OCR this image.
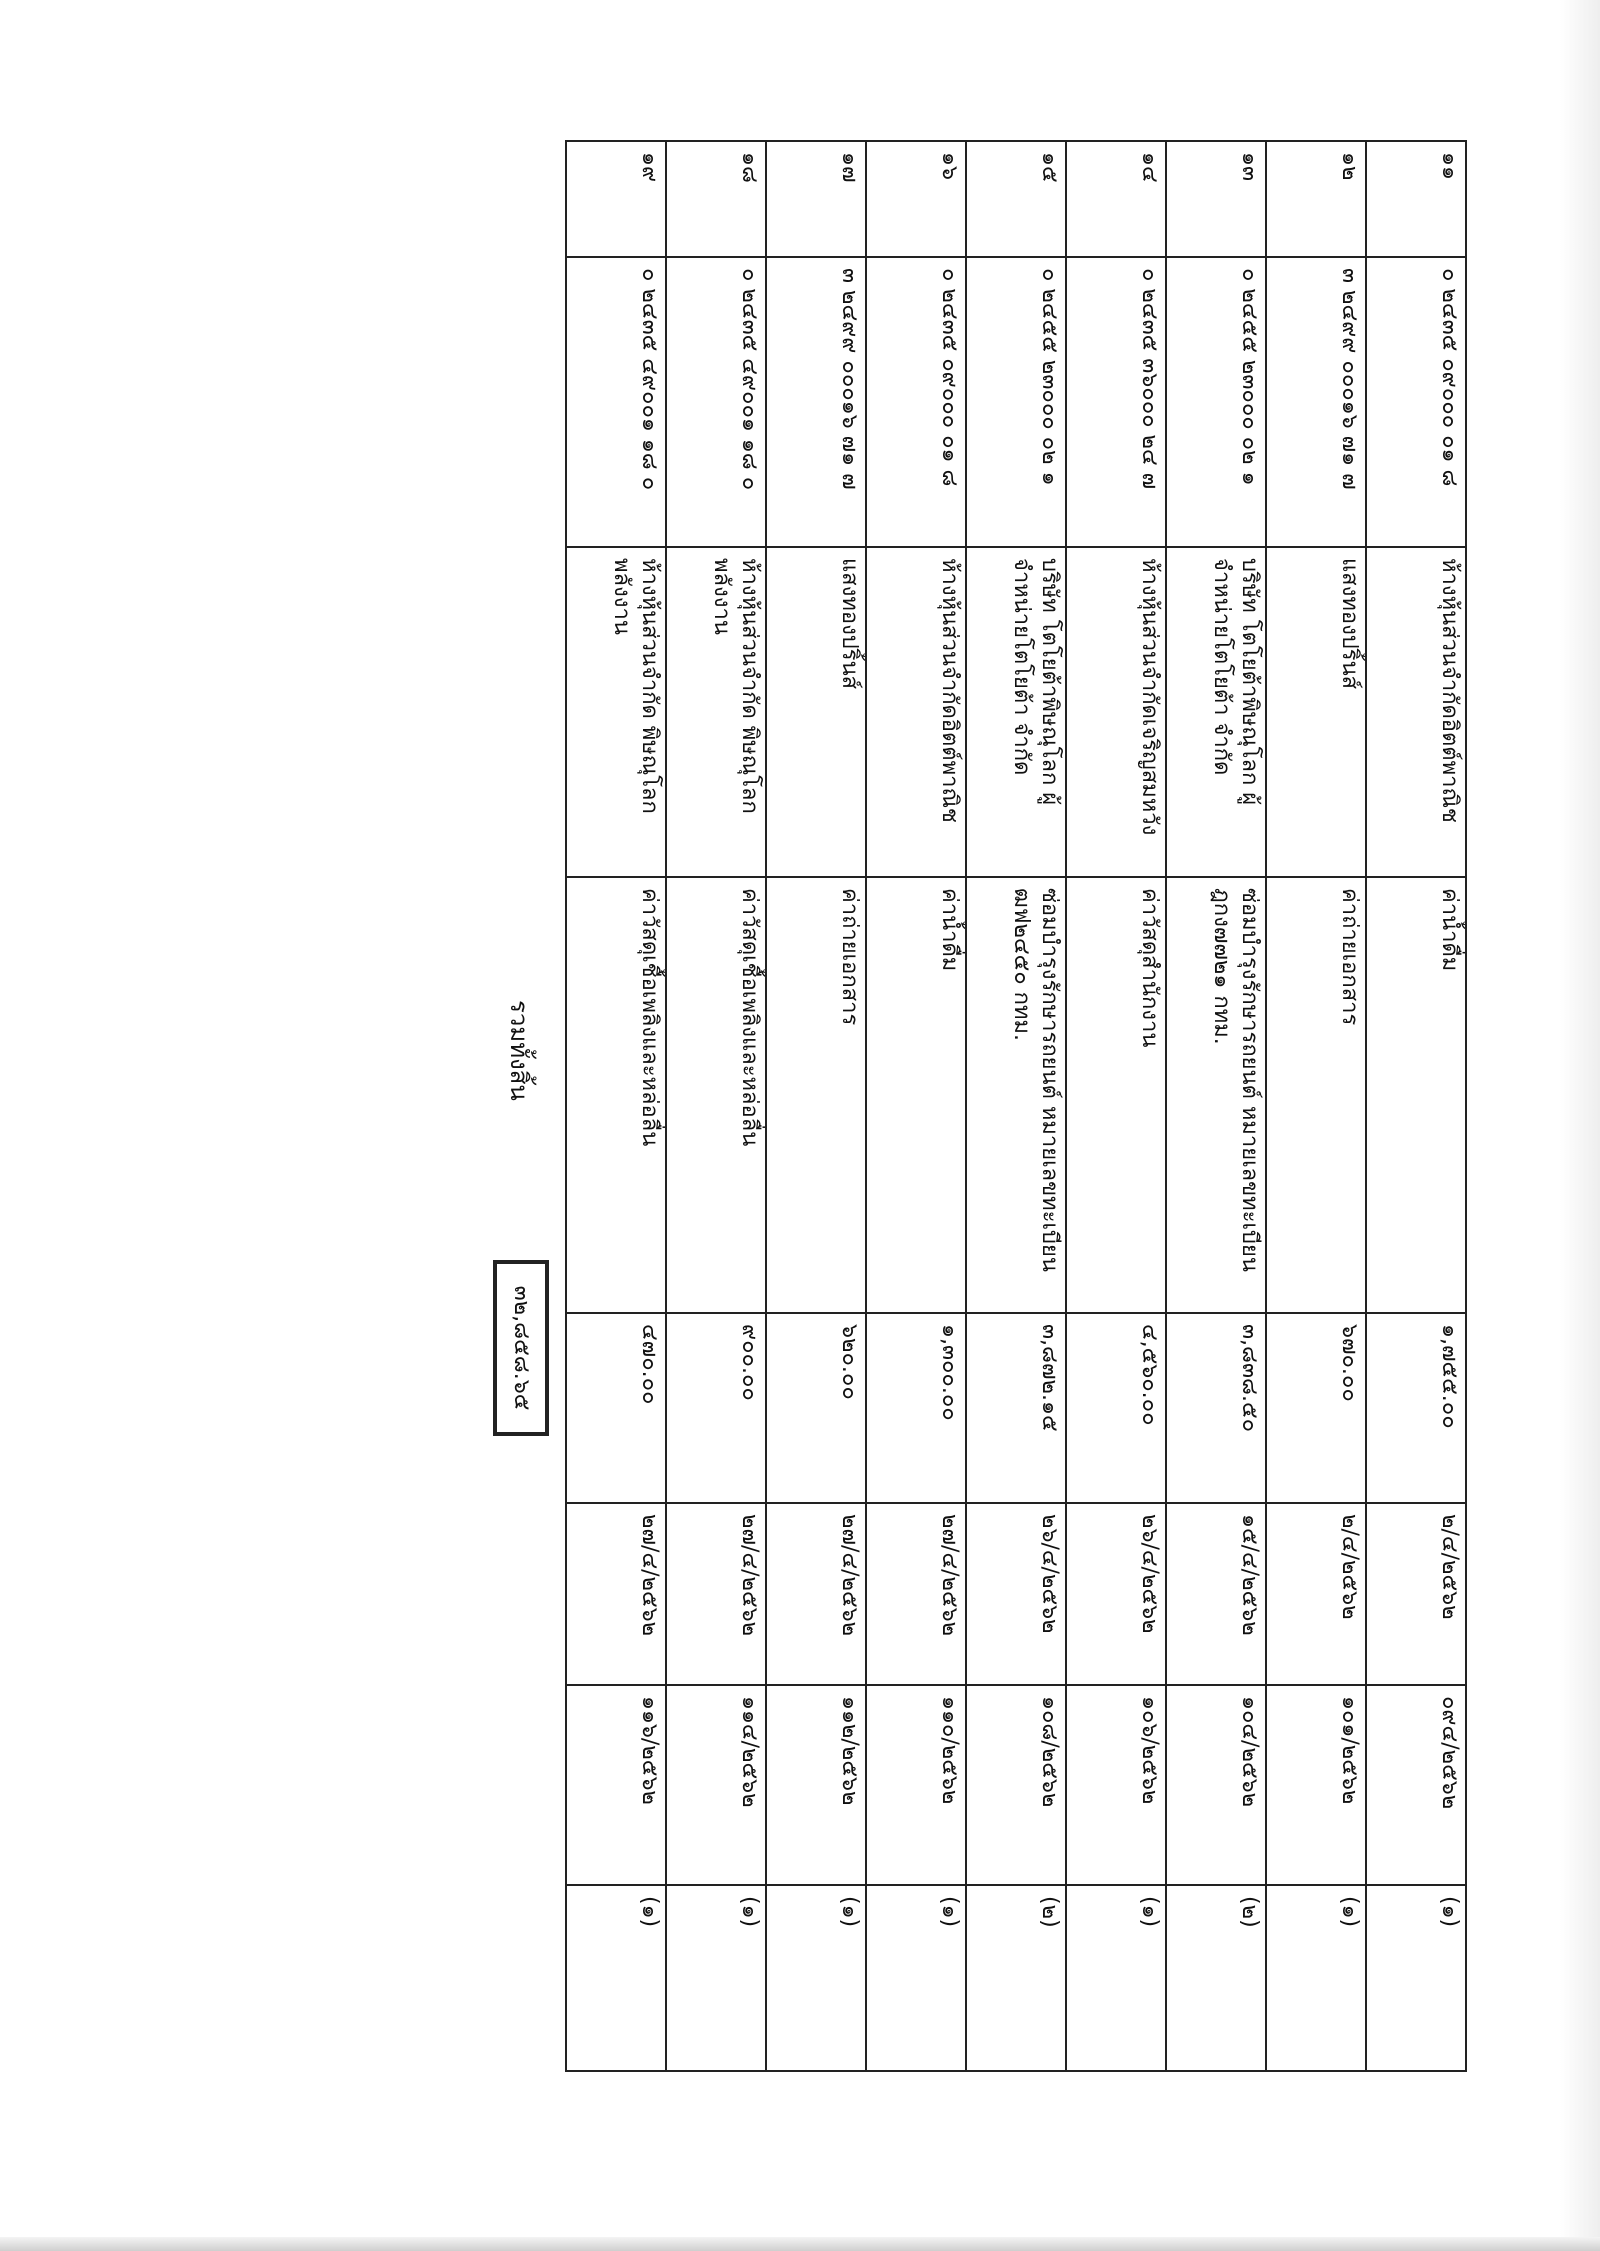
๑๑	๐ ๒๔๓๕ ๐๙๐๐๐ ๐๑ ๘	ห้างหุ้นส่วนจำกัดอิตต์พาณิช	ค่าน้ำดื่ม	๑,๗๕๕.๐๐	๒/๔/๒๕๖๒	๐๙๔/๒๕๖๒	(๑)
๑๒	๓ ๒๔๙๙ ๐๐๐๑๖ ๗๑ ๗	แสงทองปริ้นส์	ค่าถ่ายเอกสาร	๖๗๐.๐๐	๒/๔/๒๕๖๒	๑๐๑/๒๕๖๒	(๑)
๑๓	๐ ๒๔๕๕ ๒๓๐๐๐ ๐๒ ๑	บริษัท โตโยต้าพิษณุโลก ผู้จำหน่ายโตโยต้า จำกัด	ซ่อมบำรุงรักษารถยนต์ หมายเลขทะเบียน ฎกง๗๗๒๑ กทม.	๓,๘๓๘.๕๐	๑๕/๔/๒๕๖๒	๑๐๔/๒๕๖๒	(๒)
๑๔	๐ ๒๔๓๕ ๓๖๐๐๐ ๒๔ ๗	ห้างหุ้นส่วนจำกัดเจริญสมหวัง	ค่าวัสดุสำนักงาน	๔,๕๖๐.๐๐	๒๖/๔/๒๕๖๒	๑๐๖/๒๕๖๒	(๑)
๑๕	๐ ๒๔๕๕ ๒๓๐๐๐ ๐๒ ๑	บริษัท โตโยต้าพิษณุโลก ผู้จำหน่ายโตโยต้า จำกัด	ซ่อมบำรุงรักษารถยนต์ หมายเลขทะเบียน ฒฟ๒๔๕๐ กทม.	๓,๘๗๒.๑๕	๒๖/๔/๒๕๖๒	๑๐๘/๒๕๖๒	(๒)
๑๖	๐ ๒๔๓๕ ๐๙๐๐๐ ๐๑ ๘	ห้างหุ้นส่วนจำกัดอิตต์พาณิช	ค่าน้ำดื่ม	๑,๓๐๐.๐๐	๒๗/๔/๒๕๖๒	๑๑๐/๒๕๖๒	(๑)
๑๗	๓ ๒๔๙๙ ๐๐๐๑๖ ๗๑ ๗	แสงทองปริ้นส์	ค่าถ่ายเอกสาร	๖๒๐.๐๐	๒๗/๔/๒๕๖๒	๑๑๒/๒๕๖๒	(๑)
๑๘	๐ ๒๔๓๕ ๔๙๐๐๑ ๑๘ ๐	ห้างหุ้นส่วนจำกัด พิษณุโลกพลังงาน	ค่าวัสดุเชื้อเพลิงและหล่อลื่น	๙๐๐.๐๐	๒๗/๔/๒๕๖๒	๑๑๔/๒๕๖๒	(๑)
๑๙	๐ ๒๔๓๕ ๔๙๐๐๑ ๑๘ ๐	ห้างหุ้นส่วนจำกัด พิษณุโลกพลังงาน	ค่าวัสดุเชื้อเพลิงและหล่อลื่น	๔๗๐.๐๐	๒๗/๔/๒๕๖๒	๑๑๖/๒๕๖๒	(๑)
รวมทั้งสิ้น
๓๒,๘๕๘.๖๕
